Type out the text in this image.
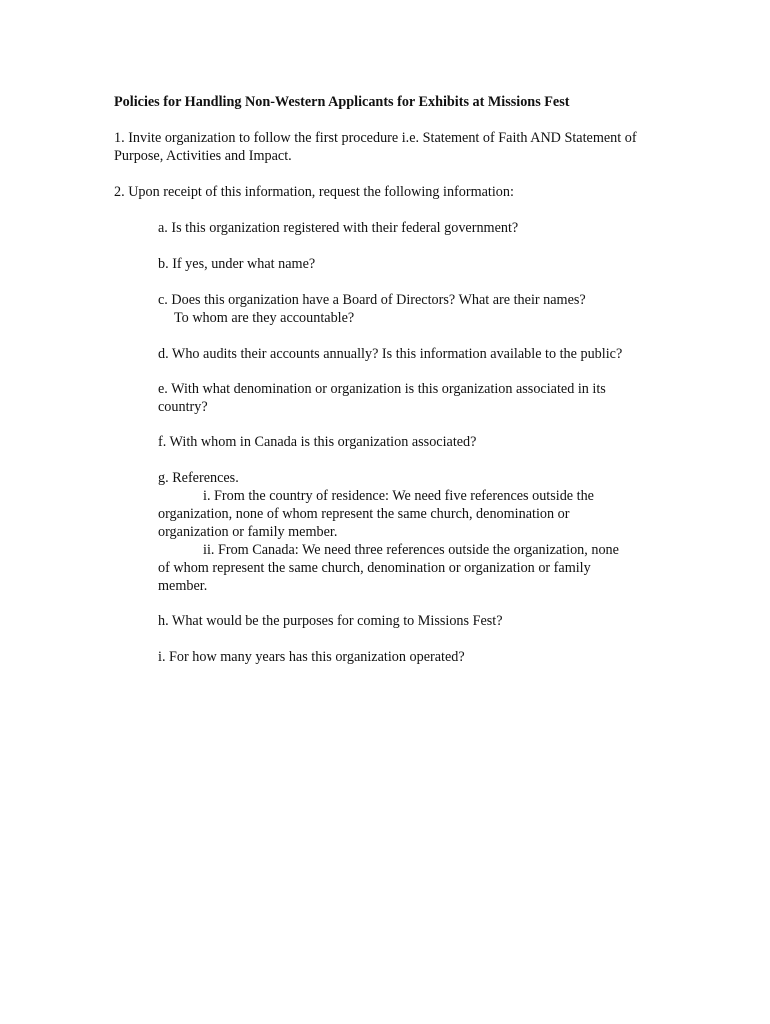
Policies for Handling Non-Western Applicants for Exhibits at Missions Fest
1. Invite organization to follow the first procedure i.e. Statement of Faith AND Statement of Purpose, Activities and Impact.
2. Upon receipt of this information, request the following information:

a. Is this organization registered with their federal government?

b. If yes, under what name?

c. Does this organization have a Board of Directors? What are their names?

To whom are they accountable?

d. Who audits their accounts annually? Is this information available to the public?

e. With what denomination or organization is this organization associated in its country?

f. With whom in Canada is this organization associated?

g. References.

i. From the country of residence: We need five references outside the

organization, none of whom represent the same church, denomination or organization or family member.

ii. From Canada: We need three references outside the organization, none

of whom represent the same church, denomination or organization or family member.

h. What would be the purposes for coming to Missions Fest?

i. For how many years has this organization operated?
